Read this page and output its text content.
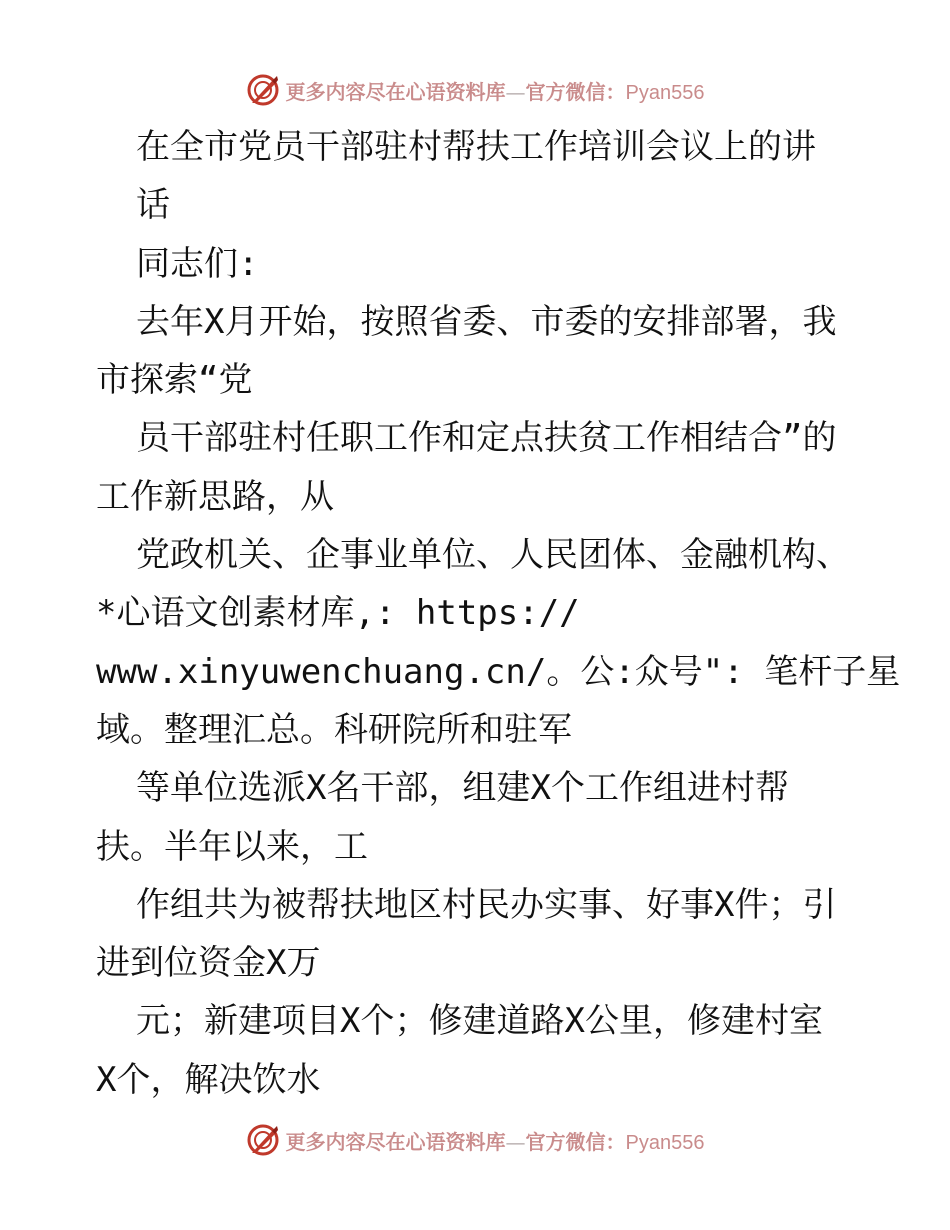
更多内容尽在心语资料库—官方微信：Pyan556
在全市党员干部驻村帮扶工作培训会议上的讲
话
同志们:
去年X月开始，按照省委、市委的安排部署，我
市探索“党
员干部驻村任职工作和定点扶贫工作相结合”的
工作新思路，从
党政机关、企事业单位、人民团体、金融机构、
*心语文创素材库,: https://
www.xinyuwenchuang.cn/。公:众号": 笔杆子星
域。整理汇总。科研院所和驻军
等单位选派X名干部，组建X个工作组进村帮
扶。半年以来，工
作组共为被帮扶地区村民办实事、好事X件；引
进到位资金X万
元；新建项目X个；修建道路X公里，修建村室
X个，解决饮水
更多内容尽在心语资料库—官方微信：Pyan556
